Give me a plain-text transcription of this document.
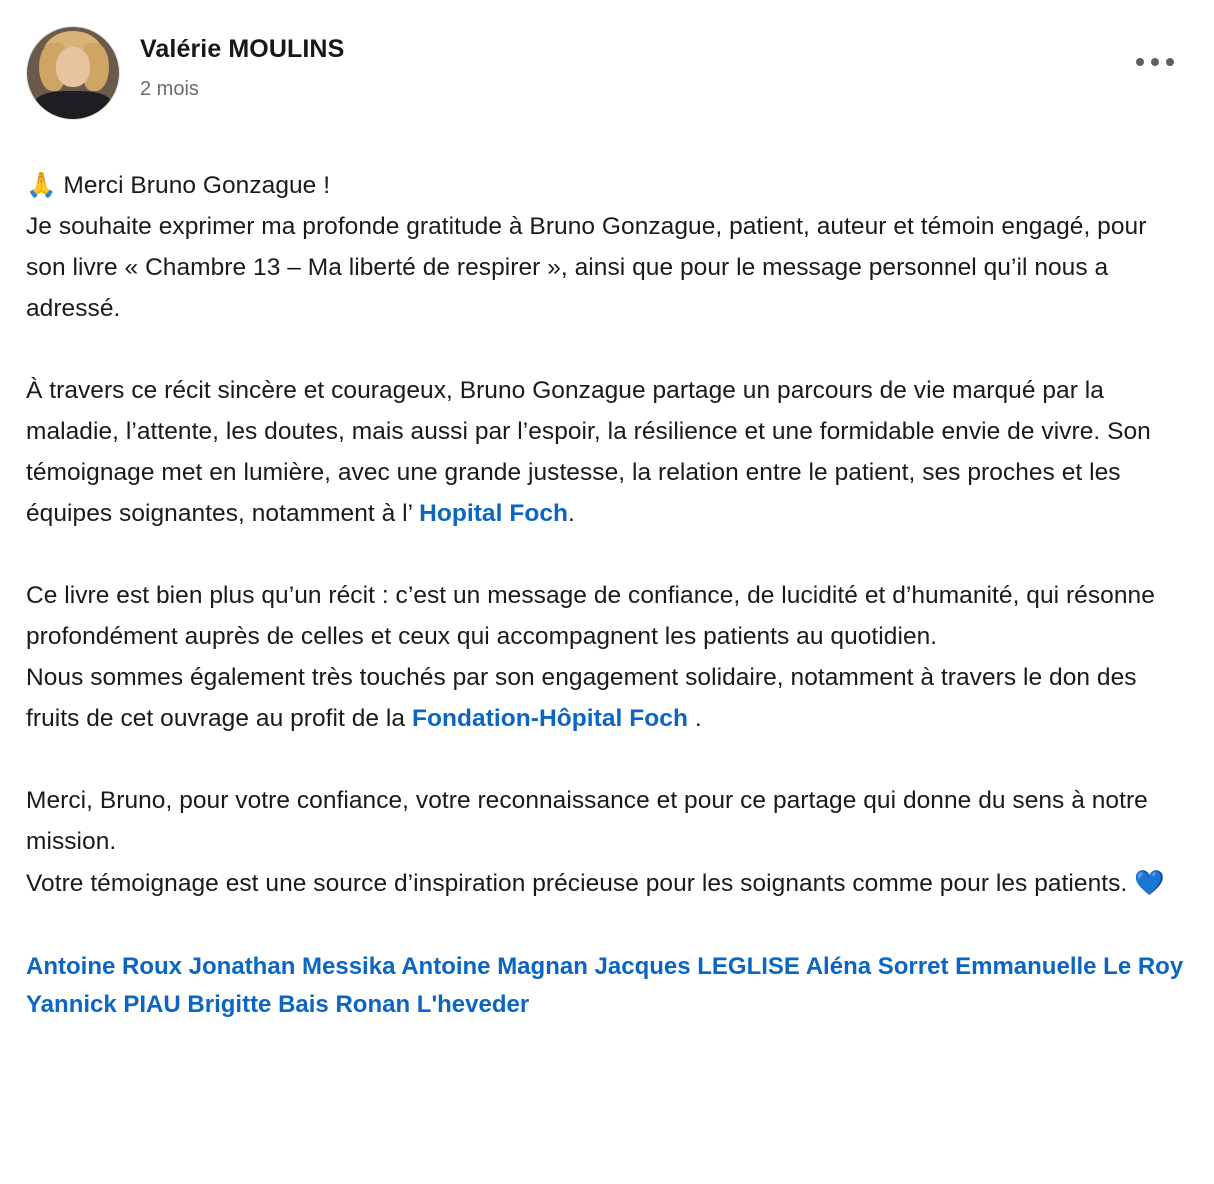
Valérie MOULINS
2 mois

🙏 Merci Bruno Gonzague !
Je souhaite exprimer ma profonde gratitude à Bruno Gonzague, patient, auteur et témoin engagé, pour son livre « Chambre 13 – Ma liberté de respirer », ainsi que pour le message personnel qu’il nous a adressé.

À travers ce récit sincère et courageux, Bruno Gonzague partage un parcours de vie marqué par la maladie, l’attente, les doutes, mais aussi par l’espoir, la résilience et une formidable envie de vivre. Son témoignage met en lumière, avec une grande justesse, la relation entre le patient, ses proches et les équipes soignantes, notamment à l’ Hopital Foch.

Ce livre est bien plus qu’un récit : c’est un message de confiance, de lucidité et d’humanité, qui résonne profondément auprès de celles et ceux qui accompagnent les patients au quotidien.

Nous sommes également très touchés par son engagement solidaire, notamment à travers le don des fruits de cet ouvrage au profit de la Fondation-Hôpital Foch .

Merci, Bruno, pour votre confiance, votre reconnaissance et pour ce partage qui donne du sens à notre mission.

Votre témoignage est une source d’inspiration précieuse pour les soignants comme pour les patients. 💙

Antoine Roux Jonathan Messika Antoine Magnan Jacques LEGLISE Aléna Sorret Emmanuelle Le Roy Yannick PIAU Brigitte Bais Ronan L'heveder
